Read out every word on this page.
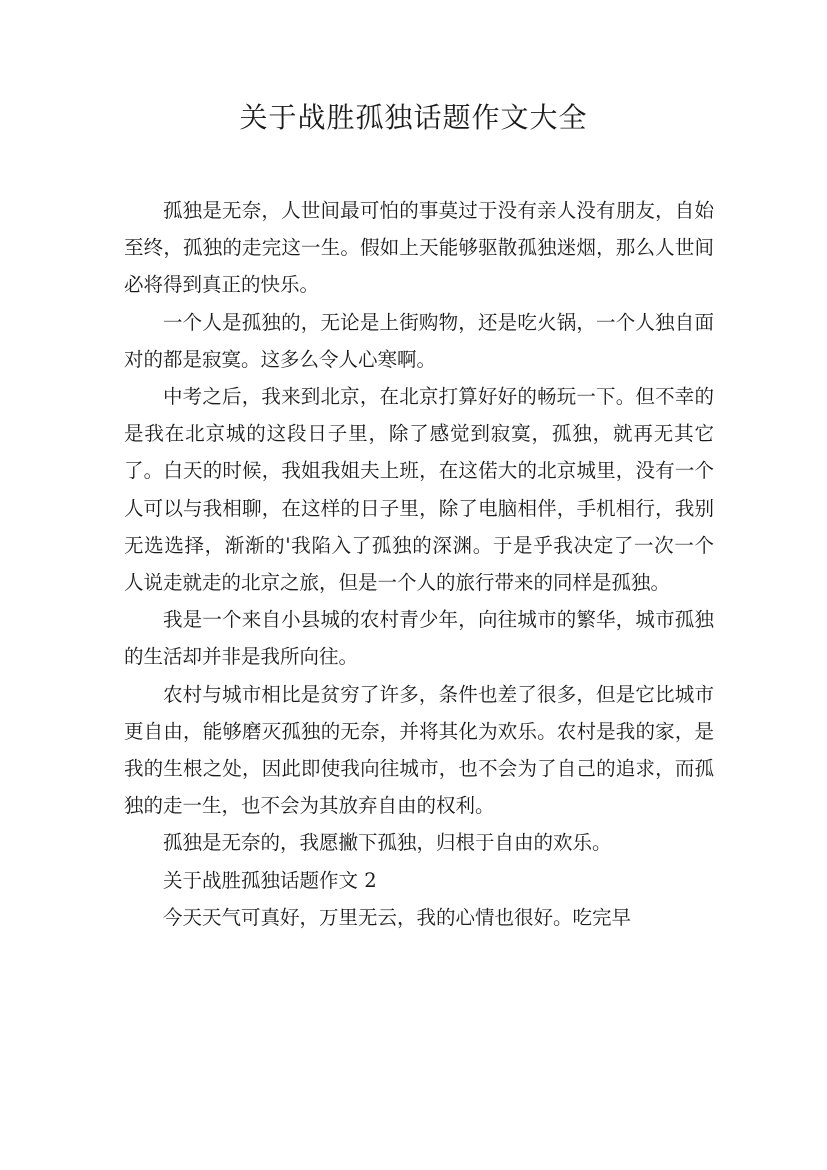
关于战胜孤独话题作文大全

孤独是无奈，人世间最可怕的事莫过于没有亲人没有朋友，自始至终，孤独的走完这一生。假如上天能够驱散孤独迷烟，那么人世间必将得到真正的快乐。

一个人是孤独的，无论是上街购物，还是吃火锅，一个人独自面对的都是寂寞。这多么令人心寒啊。

中考之后，我来到北京，在北京打算好好的畅玩一下。但不幸的是我在北京城的这段日子里，除了感觉到寂寞，孤独，就再无其它了。白天的时候，我姐我姐夫上班，在这偌大的北京城里，没有一个人可以与我相聊，在这样的日子里，除了电脑相伴，手机相行，我别无选选择，渐渐的'我陷入了孤独的深渊。于是乎我决定了一次一个人说走就走的北京之旅，但是一个人的旅行带来的同样是孤独。

我是一个来自小县城的农村青少年，向往城市的繁华，城市孤独的生活却并非是我所向往。

农村与城市相比是贫穷了许多，条件也差了很多，但是它比城市更自由，能够磨灭孤独的无奈，并将其化为欢乐。农村是我的家，是我的生根之处，因此即使我向往城市，也不会为了自己的追求，而孤独的走一生，也不会为其放弃自由的权利。

孤独是无奈的，我愿撇下孤独，归根于自由的欢乐。

关于战胜孤独话题作文 2

今天天气可真好，万里无云，我的心情也很好。吃完早
